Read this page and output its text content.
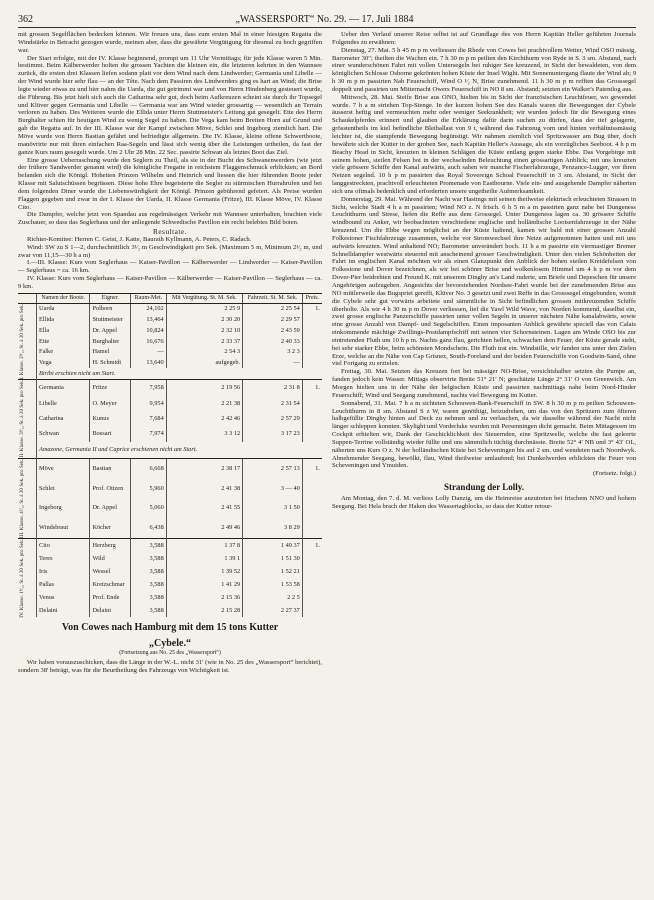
362	„WASSERSPORT“ No. 29. — 17. Juli 1884

mit grossen Segelflächen bedecken können. Wir freuen uns, dass zum ersten Mal in einer hiesigen Regatta die Windstärke in Betracht gezogen wurde, meinen aber, dass die gewährte Vergütigung für diesmal zu hoch gegriffen war.

Der Start erfolgte, mit der IV. Klasse beginnend, prompt um 11 Uhr Vormittags; für jede Klasse waren 5 Min. bestimmt. Beim Kälberwerder holten die grossen Yachten die kleinen ein, die letzteren kehrten in den Wannsee zurück, die ersten drei Klassen liefen sodann platt vor dem Wind nach dem Lindwerder; Germania und Libelle — der Wind wurde hier sehr flau — an der Tête. Nach dem Passiren des Lindwerders ging es hart an Wind; die Brise legte wieder etwas zu und hier nahm die Uarda, die gut getrimmt war und von Herrn Hindenberg gesteuert wurde, die Führung. Bis jetzt hielt sich auch die Catharina sehr gut, doch beim Aufkreuzen scheint sie durch ihr Topsegel und Klüver gegen Germania und Libelle — Germania war am Wind wieder grossartig — wesentlich an Terrain verloren zu haben. Des Weiteren wurde die Ellida unter Herrn Stuttmeister's Leitung gut gesegelt. Ette des Herrn Burghalter schien für heutigen Wind zu wenig Segel zu haben. Die Vega kam beim Breiten Horn auf Grund und gab die Regatta auf. In der III. Klasse war der Kampf zwischen Möve, Schlei und Ingeborg ziemlich hart. Die Möve wurde von Herrn Bastian gefährt und befriedigte allgemein. Die IV. Klasse, kleine offene Schwertboote, manövrirte nur mit ihren einfachen Raa-Segeln und lässt sich wenig über die Leistungen urtheilen, da fast der ganze Kurs raum gesegelt wurde. Um 2 Uhr 28 Min. 22 Sec. passirte Schwan als letztes Boot das Ziel.

Eine grosse Ueberraschung wurde den Seglern zu Theil, als sie in der Bucht des Schwanenwerders (wie jetzt der frühere Sandwerder genannt wird) die königliche Fregatte in reichstem Flaggenschmuck erblickten; an Bord befanden sich die Königl. Hoheiten Prinzen Wilhelm und Heinrich und liessen die hier führenden Boote jeder Klasse mit Salutschüssen begrüssen. Diese hohe Ehre begeisterte die Segler zu stürmischen Hurrahrufen und bei dem folgenden Diner wurde die Liebenswürdigkeit der Königl. Prinzen gebührend gefeiert. Als Preise wurden Flaggen gegeben und zwar in der I. Klasse der Uarda, II. Klasse Germania (Fritze), III. Klasse Möve, IV. Klasse Cito.

Die Dampfer, welche jetzt von Spandau aus regelmässigen Verkehr mit Wannsee unterhalten, brachten viele Zuschauer, so dass das Seglerhaus und der anliegende Schwedische Pavillon ein recht belebtes Bild boten.

Resultate.

Richter-Komitee: Herren C. Geist, J. Katte, Baurath Kyllmann, A. Peters, C. Radach.

Wind: SW zu S 1—2, durchschnittlich 3¹⁄₂ m Geschwindigkeit pro Sek. (Maximum 5 m, Minimum 2¹⁄₂ m, und zwar von 11,15—30 h a m)

I.—III. Klasse: Kurs vom Seglerhaus — Kaiser-Pavillon — Kälberwerder — Lindwerder — Kaiser-Pavillon — Seglerhaus = ca. 16 km.

IV. Klasse: Kurs vom Seglerhaus — Kaiser-Pavillon — Kälberwerder — Kaiser-Pavillon — Seglerhaus — ca. 9 km.

	Namen der Boote.	Eigner.	Raum-Met.	Mit Vergütung. St. M. Sek.	Fahrzeit. St. M. Sek.	Preis.

I. Klasse. 2⁸⁄₁₅ St. à 20 Sek. pro Sek.	Uarda	Polborn	24,102	2 25 9	2 25 54	1.
	Ellida	Stuttmeister	13,464	2 30 20	2 29 57	
	Ella	Dr. Appel	10,824	2 32 10	2 43 59	
	Ette	Burghalter	16,676	2 33 37	2 40 33	
	Falke	Hamel	—	2 54 3	3 2 3	
	Vega	H. Schmidt	13,640	aufgegeb.	—	
	Biribi erschien nicht am Start.					

II. Klasse. 3⁸⁄₁₅ St. à 20 Sek. pro Sek.	Germania	Fritze	7,958	2 19 56	2 31 8	1.
	Libelle	O. Meyer	9,954	2 21 38	2 31 54	
	Catharina	Kunus	7,684	2 42 46	2 57 29	
	Schwan	Bossart	7,974	3 3 12	3 17 23	
	Amazone, Germania II und Caprice erschienen nicht am Start.					

III. Klasse. 4⁵⁄₁₅ St. à 20 Sek. pro Sek.	Möve	Bastian	6,668	2 38 17	2 57 13	1.
	Schlei	Prof. Oitzen	5,960	2 41 38	3 — 40	
	Ingeborg	Dr. Appel	5,060	2 41 55	3 1 50	
	Windsbraut	Köcher	6,438	2 49 46	3 8 29	

IV. Klasse. 1⁴⁄₁₅ St. à 20 Sek. pro Sek.	Cito	Herzberg	3,588	1 37 8	1 49 37	1.
	Teres	Wild	3,588	1 39 1	1 51 30	
	Iris	Wessel	3,588	1 39 52	1 52 21	
	Pallas	Kretzschmar	3,588	1 41 29	1 53 58	
	Venus	Prof. Ende	3,588	2 15 36	2 2 5	
	Delaini	Delaini	3,588	2 15 28	2 27 37	
Von Cowes nach Hamburg mit dem 15 tons Kutter
„Cybele.“
(Fortsetzung aus No. 25 des „Wassersport“)

Wir haben vorauszuschicken, dass die Länge in der W.-L. nicht 31' (wie in No. 25 des „Wassersport“ berichtet), sondern 38' beträgt, was für die Beurtheilung des Fahrzeugs von Wichtigkeit ist.

Ueber den Verlauf unserer Reise selbst ist auf Grundlage des von Herrn Kapitän Heller geführten Journals Folgendes zu erwähnen:

Dienstag, 27. Mai. 5 h 45 m p m verliessen die Rhede von Cowes bei prachtvollem Wetter, Wind OSO mässig, Barometer 30″; theilten die Wachen ein. 7 h 30 m p m peilten den Kirchthurm von Ryde in S. 3 sm. Abstand, nach einer wunderschönen Fahrt mit vollen Untersegeln bei ruhiger See kreuzend, in Sicht der bewaldeten, von dem königlichen Schlosse Osborne gekrönten hohen Küste der Insel Wight. Mit Sonnenuntergang flaute der Wind ab; 9 h 30 m p m passirten Nab Feuerschiff, Wind O ¹⁄₂ N, Brise zunehmend. 11 h 30 m p m refften das Grosssegel doppelt und passirten um Mitternacht Owers Feuerschiff in NO 8 sm. Abstand; setzten ein Walker's Patentlog aus.

Mittwoch, 28. Mai. Steife Brise aus ONO, hielten bis in Sicht der französischen Leuchtfeuer, wo gewendet wurde. 7 h a m striehen Top-Stenge. In der kurzen hohen See des Kanals waren die Bewegungen der Cybele äusserst heftig und vermeuchten mehr oder weniger Seekrankheit; wir wurden jedoch für die Bewegung eines Schaukelpferdes erinnert und glauben die Erklärung dafür darin suchen zu dürfen, dass der tief gelagerte, grösstentheils im kiel befindliche Bleiballast von 9 t, während das Fahrzeug vorn und hinten verhältnissmässig leichter ist, die stampfende Bewegung begünstigt. Wir nahmen ziemlich viel Spritzwasser am Bug über, doch bewährte sich der Kutter in der groben See, nach Kapitän Heller's Aussage, als ein vorzügliches Seeboot. 4 h p m Beachy Head in Sicht, kreuzten in kleinen Schlägen die Küste entlang gegen starke Ebbe. Das Vorgebirge mit seinem hohen, steilen Felsen bot in der wechselnden Beleuchtung einen grossartigen Anblick; mit uns kreuzten viele grössere Schiffe den Kanal aufwärts, auch sahen wir manche Fischerfahrzeuge, Penzance-Lugger, vor ihren Netzen segelnd. 10 h p m passirten das Royal Sovereign Schoal Feuerschiff in 3 sm. Abstand, in Sicht der langgestreckten, prachtvoll erleuchteten Promenade von Eastbourne. Viele ein- und ausgehende Dampfer näherten sich uns oftmals bedenklich und erforderten unsere ungetheilte Aufmerksamkeit.

Donnerstag, 29. Mai. Während der Nacht war Hastings mit seinen theilweise elektrisch erleuchteten Strassen in Sicht, welche Stadt 4 h a m passirten; Wind NO z. N frisch. 6 h 5 m a m passirten ganz nahe bei Dungeness Leuchtthurm und Strese, liefen die Reffe aus dem Grossegel. Unter Dungeness lagen ca. 30 grössere Schiffe windbound zu Anker, wir beobachteten verschiedene englische und holländische Lootsenfahrzeuge in der Nähe kreuzend. Um die Ebbe wegen möglichst an der Küste haltend, kamen wir bald mit einer grossen Anzahl Folkestoner Fischfahrzeuge zusammen, welche vor Stromwechsel ihre Netze aufgenommen hatten und mit uns aufwärts kreuzten. Wind anhaltend NO; Barometer unverändert hoch. 11 h a m passirte ein viermastiger Bremer Schnelldampfer westwärts steuernd mit anscheinend grosser Geschwindigkeit. Unter den vielen Schönheiten der Fahrt im englischen Kanal möchten wir als einen Glanzpunkt den Anblick der hohen steilen Kreidefelsen von Folkestone und Dover bezeichnen, als wir bei schöner Brise und wolkenlosem Himmel um 4 h p m vor dem Dover-Pier beidrehten und Freund K. mit unserem Dinghy an's Land ruderte, um Briefe und Depeschen für unsere Angehörigen aufzugeben. Angesichts der bevorstehenden Nordsee-Fahrt wurde bei der zunehmenden Brise aus NO mittlerweile das Bugspriet gerefft, Klüver No. 3 gesetzt und zwei Reffe in das Grosssegel eingebunden, womit die Cybele sehr gut vorwärts arbeitete und sämmtliche in Sicht befindlichen grossen mitkreuzenden Schiffe überholte. Als wir 4 h 30 m p m Dover verliessen, lief die Yawl Wild Wave, von Norden kommend, daselbst ein, zwei grosse englische Panzerschiffe passirten unter vollen Segeln in unserer nächsten Nähe kanalabwärts, sowie eine grosse Anzahl von Dampf- und Segelschiffen. Einen imposanten Anblick gewährte speciell das von Calais einkommende mächtige Zwillings-Postdampfschiff mit seinen vier Schornsteinen. Lagen am Winde OSO bis zur eintretenden Fluth um 10 h p m. Nachts ganz flau, gerichten hellen, schwachen dem Feuer, der Küste gerade steht, bei sehr starker Ebbe, beim schönsten Mondschein. Die Fluth trat ein. Windstille, wir fanden uns unter den Zielen Erze, welche an die Nähe von Cap Grisnez, South-Foreland und der beiden Feuerschiffe von Goodwin-Sand, ohne viel Fortgang zu erzielen.

Freitag, 30. Mai. Setzten das Kreuzen fort bei mässiger NO-Brise, vorsichtshalber setzten die Pumpe an, fanden jedoch kein Wasser. Mittags observirte Breite 51° 21′ N; geschätzte Länge 2° 31′ O von Greenwich. Am Morgen hielten uns in der Nähe der belgischen Küste und passirten nachmittags nahe beim Nord-Hinder Feuerschiff; Wind und Seegang zunehmend, nachts viel Bewegung im Kutter.

Sonnabend, 31. Mai. 7 h a m sichteten Schouwen-Bank-Feuerschiff in SW. 8 h 30 m p m peilten Schouwen-Leuchtthurm in 8 sm. Abstand S z W, waren genöthigt, beizudrehen, um das von den Spritzern zum öfteren halbgefüllte Dinghy hinten auf Deck zu nehmen und zu verlaschen, da wir dasselbe während der Nacht nicht länger schleppen konnten. Skylight und Vorderluke wurden mit Persenningen dicht gemacht. Beim Mittagessen im Cockpit erhielten wir, Dank der Geschicklichkeit des Steuernden, eine Spritzwelle, welche die fast geleerte Suppen-Terrine vollständig wieder füllte und uns sämmtlich tüchtig durchnässte. Breite 52° 4′ NB und 3° 43′ OL, näherten uns Kurs O z. N der holländischen Küste bei Scheveningen bis auf 2 sm. und wendeten nach Noordwyk. Abnehmender Seegang, bewölkt, flau, Wind theilweise umlaufend; bei Dunkelwerden erblickten die Feuer von Scheveningen und Ymuiden.

(Fortsetz. folgt.)
Strandung der Lolly.

Am Montag, den 7. d. M. verliess Lolly Danzig, um die Heimreise anzutreten bei frischem NNO und hohem Seegang. Bei Hela brach der Haken des Wassertagblocks, so dass der Kutter retour-
